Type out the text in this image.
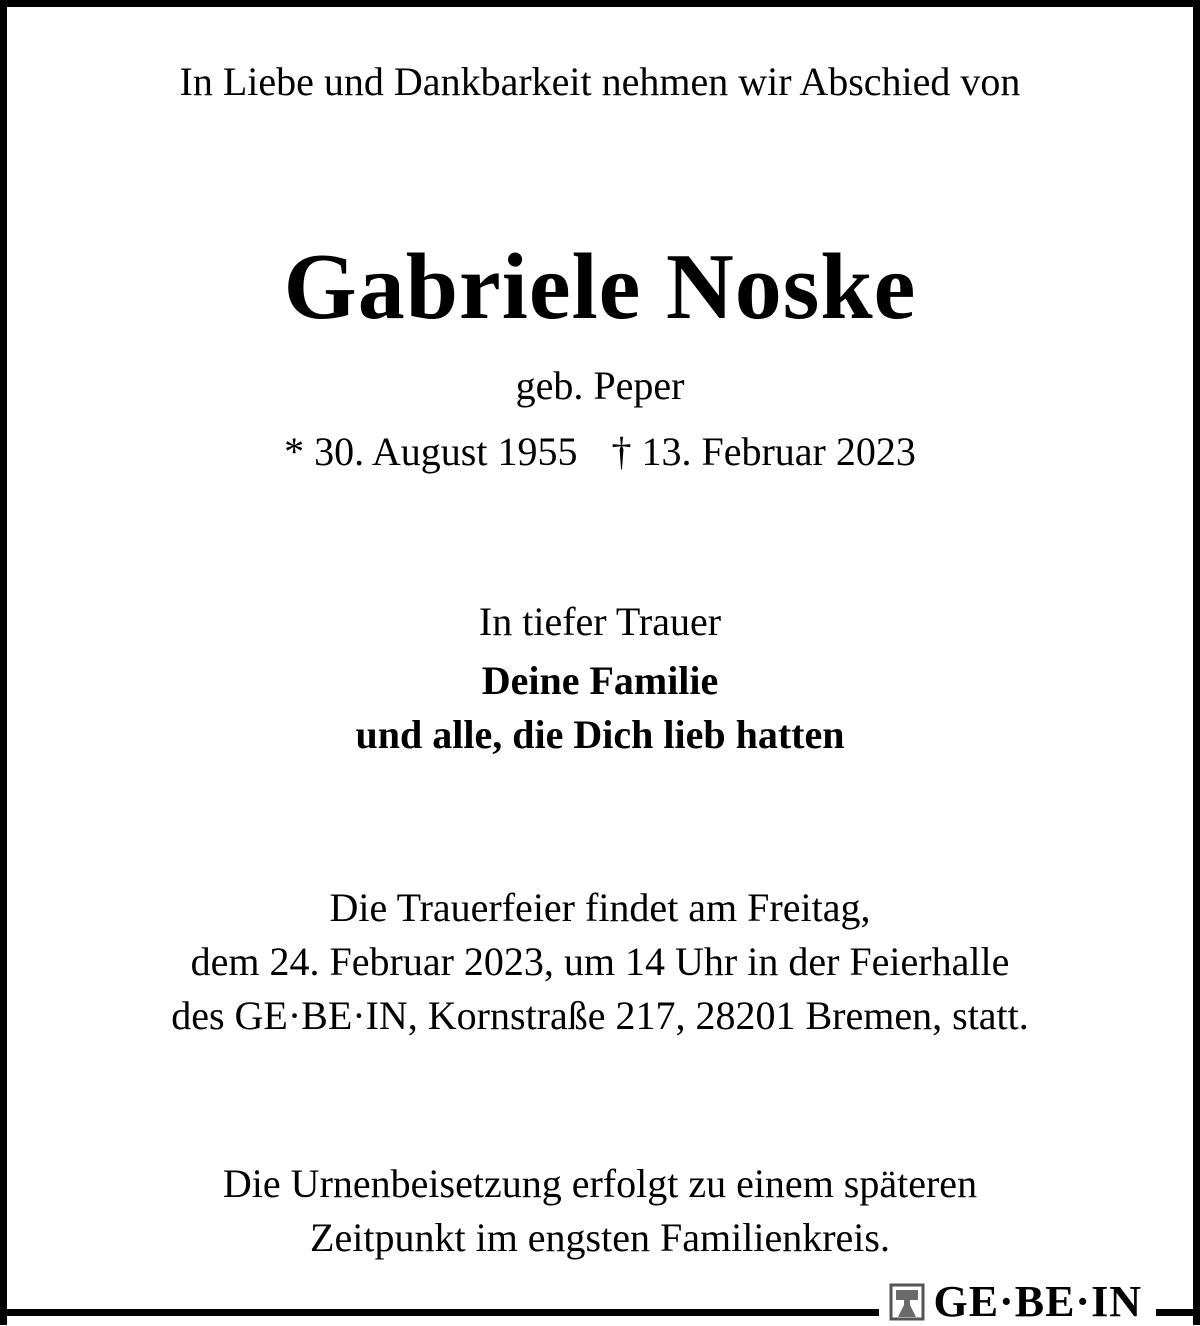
In Liebe und Dankbarkeit nehmen wir Abschied von
Gabriele Noske
geb. Peper
* 30. August 1955 † 13. Februar 2023
In tiefer Trauer
Deine Familie
und alle, die Dich lieb hatten
Die Trauerfeier findet am Freitag,
dem 24. Februar 2023, um 14 Uhr in der Feierhalle
des GE·BE·IN, Kornstraße 217, 28201 Bremen, statt.
Die Urnenbeisetzung erfolgt zu einem späteren
Zeitpunkt im engsten Familienkreis.
GE·BE·IN
